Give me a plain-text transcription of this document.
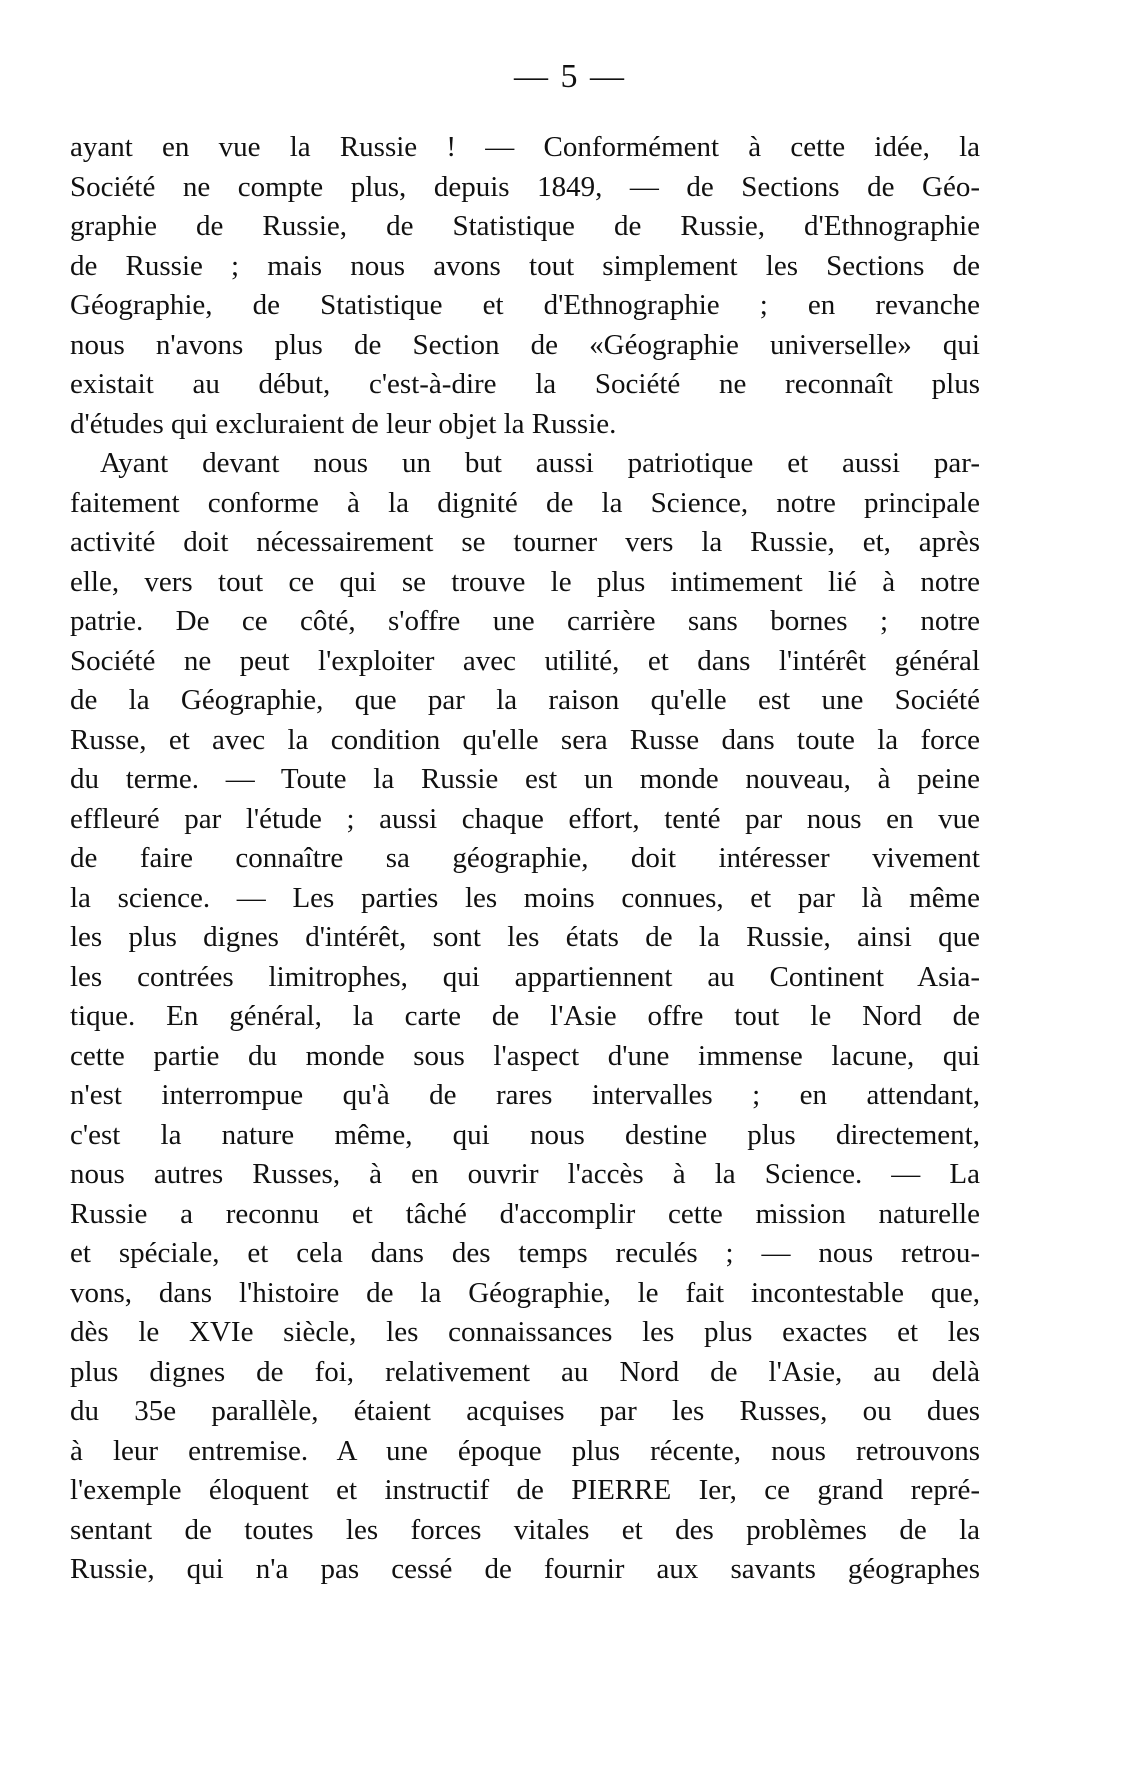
— 5 —
ayant en vue la Russie ! — Conformément à cette idée, la
Société ne compte plus, depuis 1849, — de Sections de Géo-
graphie de Russie, de Statistique de Russie, d'Ethnographie
de Russie ; mais nous avons tout simplement les Sections de
Géographie, de Statistique et d'Ethnographie ; en revanche
nous n'avons plus de Section de «Géographie universelle» qui
existait au début, c'est-à-dire la Société ne reconnaît plus
d'études qui excluraient de leur objet la Russie.
Ayant devant nous un but aussi patriotique et aussi par-
faitement conforme à la dignité de la Science, notre principale
activité doit nécessairement se tourner vers la Russie, et, après
elle, vers tout ce qui se trouve le plus intimement lié à notre
patrie. De ce côté, s'offre une carrière sans bornes ; notre
Société ne peut l'exploiter avec utilité, et dans l'intérêt général
de la Géographie, que par la raison qu'elle est une Société
Russe, et avec la condition qu'elle sera Russe dans toute la force
du terme. — Toute la Russie est un monde nouveau, à peine
effleuré par l'étude ; aussi chaque effort, tenté par nous en vue
de faire connaître sa géographie, doit intéresser vivement
la science. — Les parties les moins connues, et par là même
les plus dignes d'intérêt, sont les états de la Russie, ainsi que
les contrées limitrophes, qui appartiennent au Continent Asia-
tique. En général, la carte de l'Asie offre tout le Nord de
cette partie du monde sous l'aspect d'une immense lacune, qui
n'est interrompue qu'à de rares intervalles ; en attendant,
c'est la nature même, qui nous destine plus directement,
nous autres Russes, à en ouvrir l'accès à la Science. — La
Russie a reconnu et tâché d'accomplir cette mission naturelle
et spéciale, et cela dans des temps reculés ; — nous retrou-
vons, dans l'histoire de la Géographie, le fait incontestable que,
dès le XVIe siècle, les connaissances les plus exactes et les
plus dignes de foi, relativement au Nord de l'Asie, au delà
du 35e parallèle, étaient acquises par les Russes, ou dues
à leur entremise. A une époque plus récente, nous retrouvons
l'exemple éloquent et instructif de PIERRE Ier, ce grand repré-
sentant de toutes les forces vitales et des problèmes de la
Russie, qui n'a pas cessé de fournir aux savants géographes
